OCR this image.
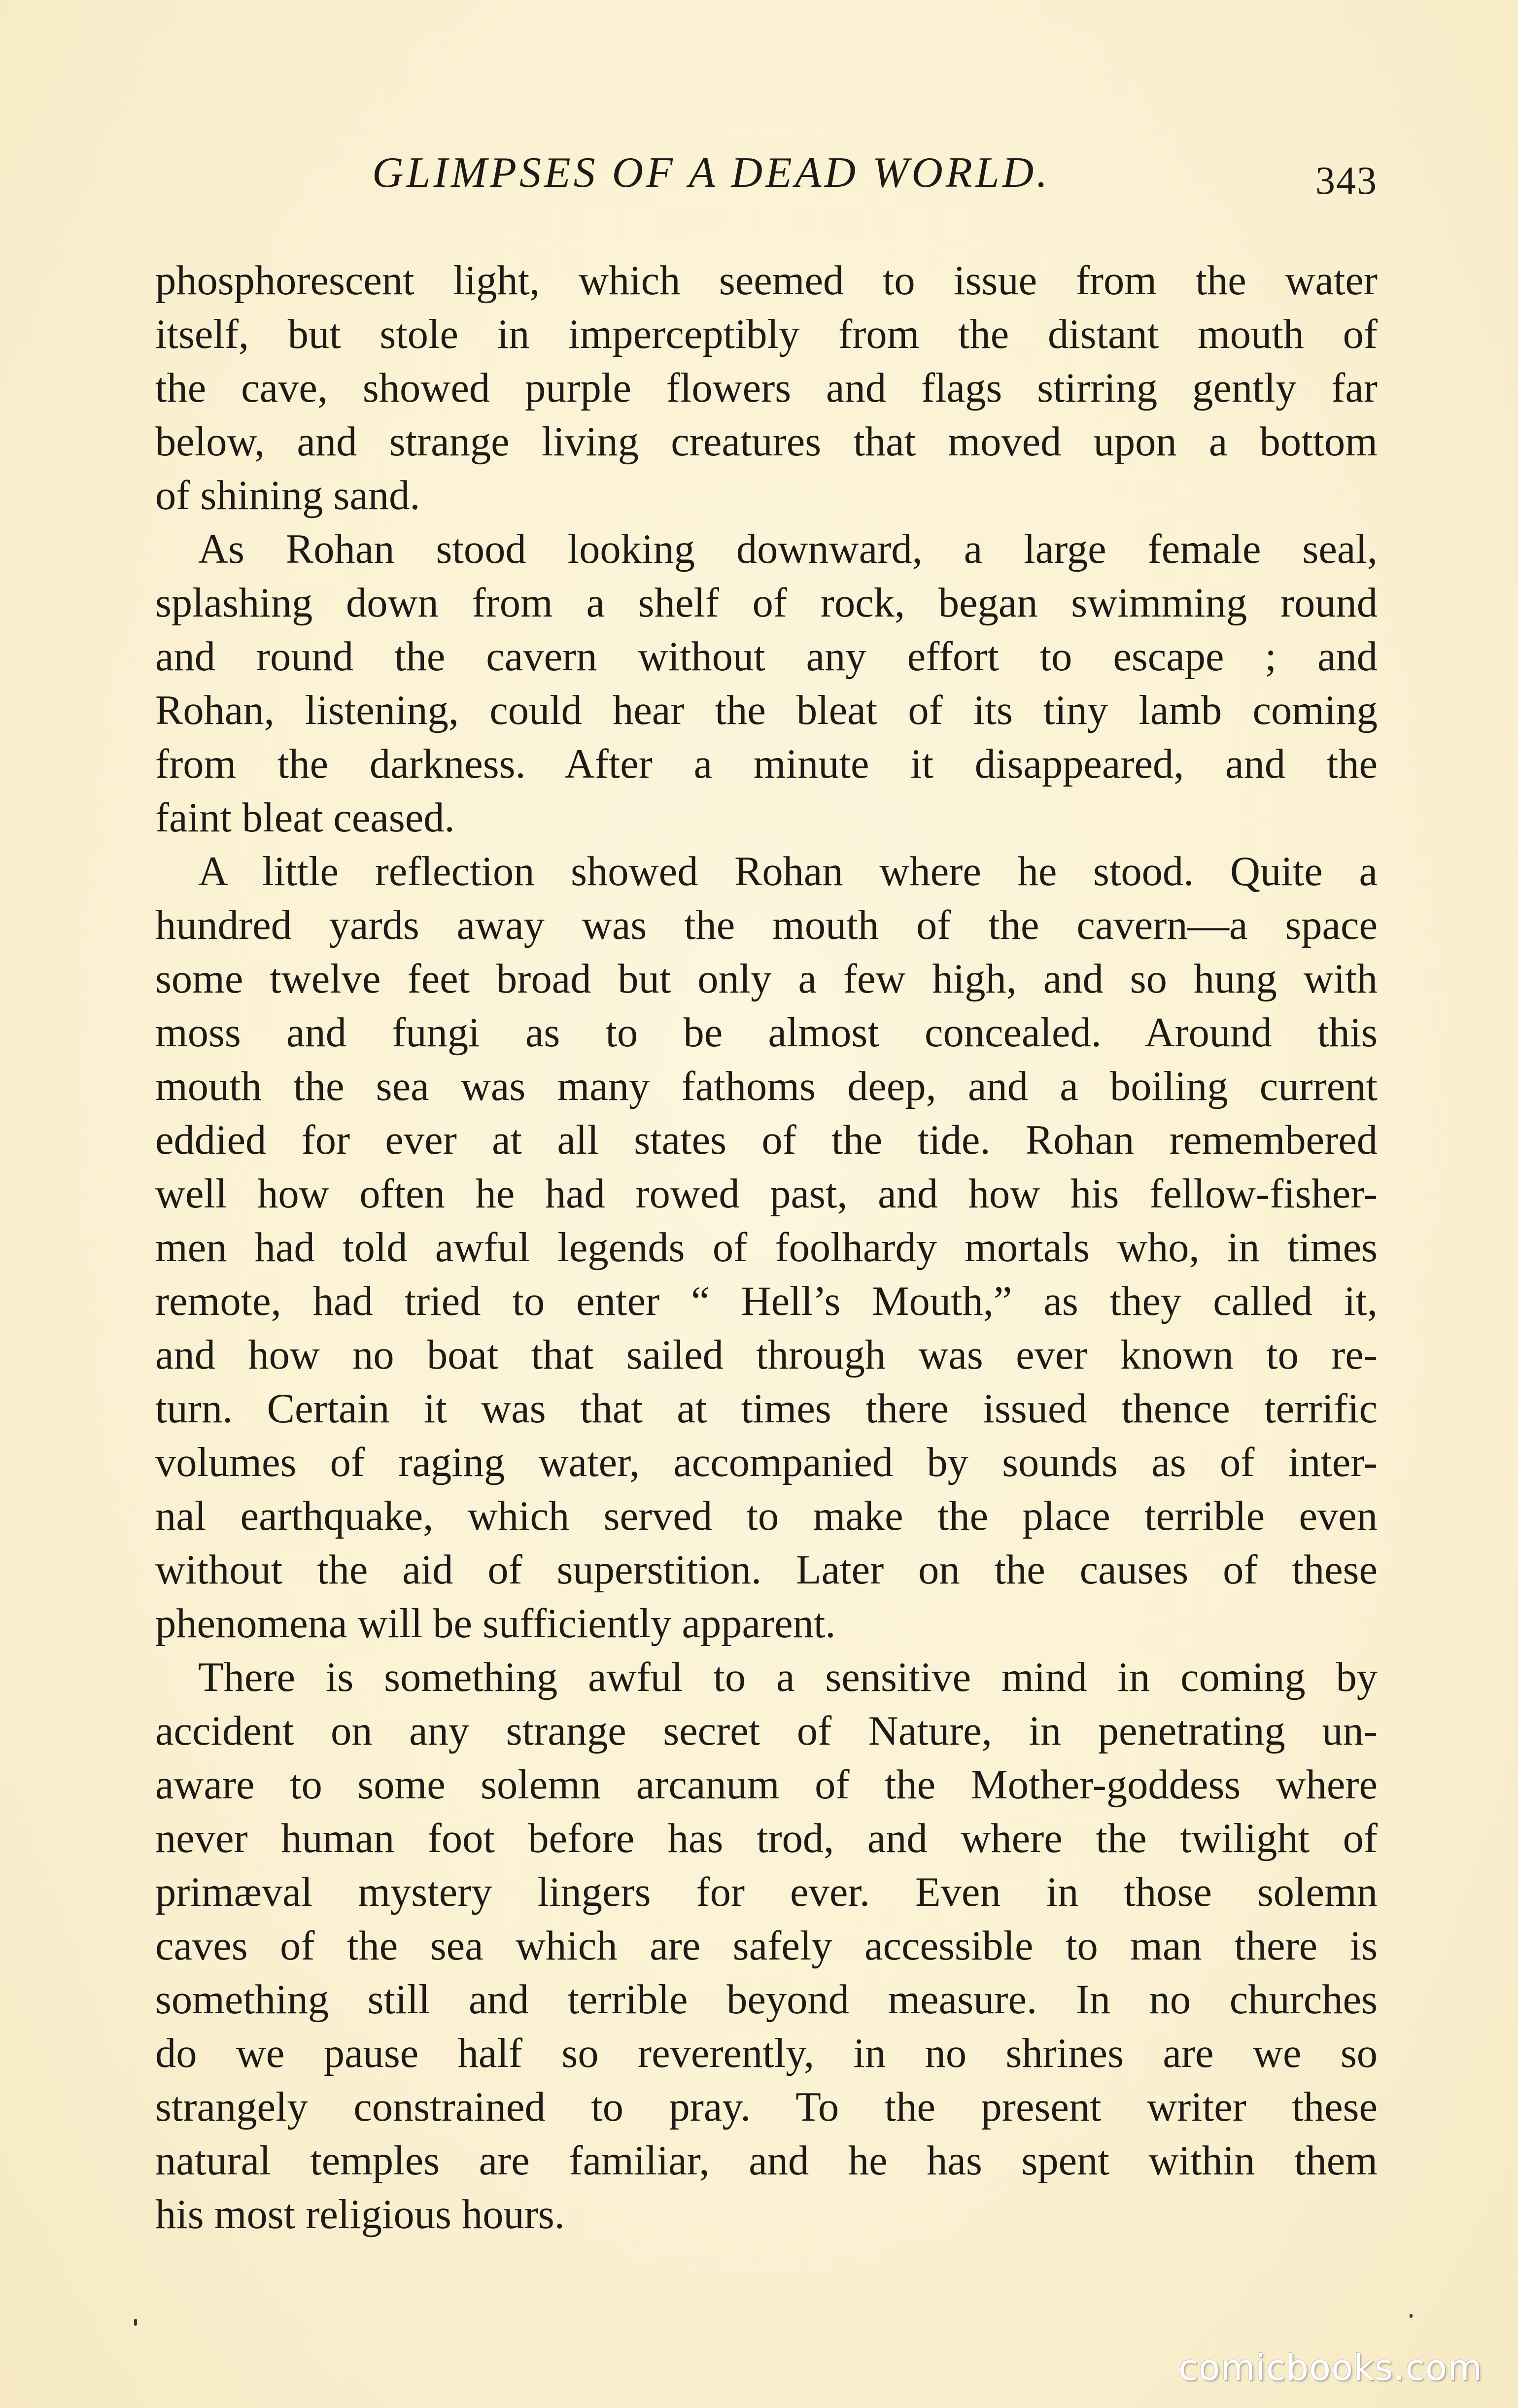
GLIMPSES OF A DEAD WORLD.	343
phosphorescent light, which seemed to issue from the water
itself, but stole in imperceptibly from the distant mouth of
the cave, showed purple flowers and flags stirring gently far
below, and strange living creatures that moved upon a bottom
of shining sand.
As Rohan stood looking downward, a large female seal,
splashing down from a shelf of rock, began swimming round
and round the cavern without any effort to escape ; and
Rohan, listening, could hear the bleat of its tiny lamb coming
from the darkness. After a minute it disappeared, and the
faint bleat ceased.
A little reflection showed Rohan where he stood. Quite a
hundred yards away was the mouth of the cavern—a space
some twelve feet broad but only a few high, and so hung with
moss and fungi as to be almost concealed. Around this
mouth the sea was many fathoms deep, and a boiling current
eddied for ever at all states of the tide. Rohan remembered
well how often he had rowed past, and how his fellow-fisher-
men had told awful legends of foolhardy mortals who, in times
remote, had tried to enter “ Hell’s Mouth,” as they called it,
and how no boat that sailed through was ever known to re-
turn. Certain it was that at times there issued thence terrific
volumes of raging water, accompanied by sounds as of inter-
nal earthquake, which served to make the place terrible even
without the aid of superstition. Later on the causes of these
phenomena will be sufficiently apparent.
There is something awful to a sensitive mind in coming by
accident on any strange secret of Nature, in penetrating un-
aware to some solemn arcanum of the Mother-goddess where
never human foot before has trod, and where the twilight of
primæval mystery lingers for ever. Even in those solemn
caves of the sea which are safely accessible to man there is
something still and terrible beyond measure. In no churches
do we pause half so reverently, in no shrines are we so
strangely constrained to pray. To the present writer these
natural temples are familiar, and he has spent within them
his most religious hours.
comicbooks.com
